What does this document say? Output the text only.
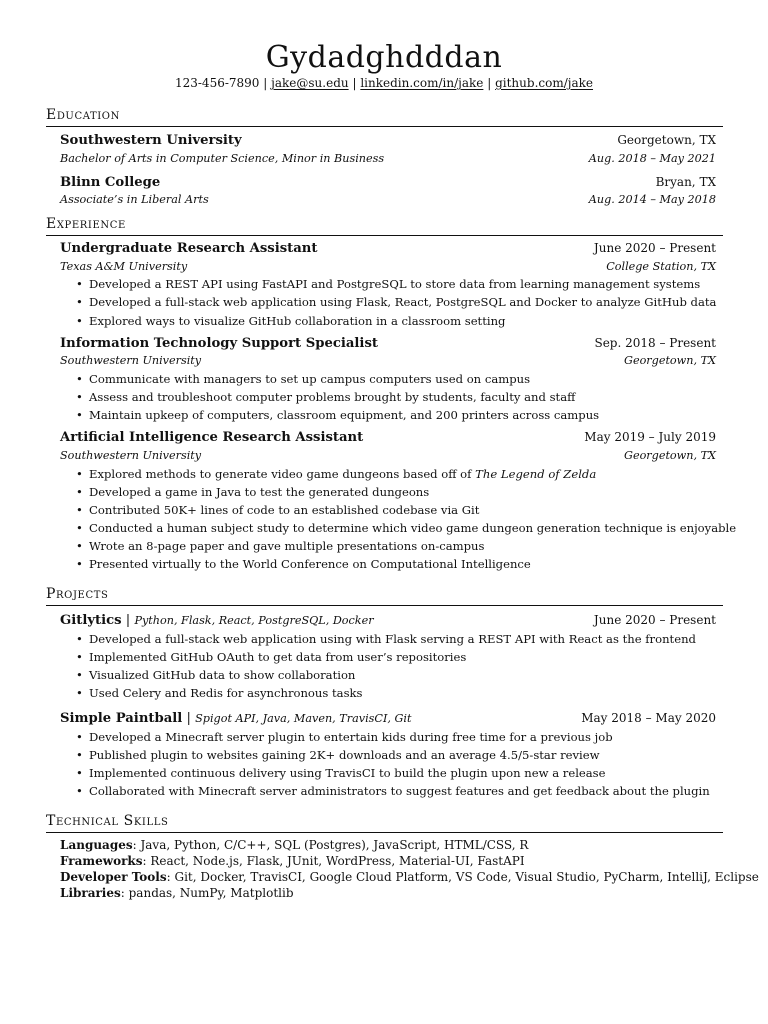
Gydadghdddan
123-456-7890 | jake@su.edu | linkedin.com/in/jake | github.com/jake
Education
Southwestern University	Georgetown, TX
Bachelor of Arts in Computer Science, Minor in Business	Aug. 2018 – May 2021
Blinn College	Bryan, TX
Associate’s in Liberal Arts	Aug. 2014 – May 2018
Experience
Undergraduate Research Assistant	June 2020 – Present
Texas A&M University	College Station, TX
• Developed a REST API using FastAPI and PostgreSQL to store data from learning management systems
• Developed a full-stack web application using Flask, React, PostgreSQL and Docker to analyze GitHub data
• Explored ways to visualize GitHub collaboration in a classroom setting
Information Technology Support Specialist	Sep. 2018 – Present
Southwestern University	Georgetown, TX
• Communicate with managers to set up campus computers used on campus
• Assess and troubleshoot computer problems brought by students, faculty and staff
• Maintain upkeep of computers, classroom equipment, and 200 printers across campus
Artificial Intelligence Research Assistant	May 2019 – July 2019
Southwestern University	Georgetown, TX
• Explored methods to generate video game dungeons based off of The Legend of Zelda
• Developed a game in Java to test the generated dungeons
• Contributed 50K+ lines of code to an established codebase via Git
• Conducted a human subject study to determine which video game dungeon generation technique is enjoyable
• Wrote an 8-page paper and gave multiple presentations on-campus
• Presented virtually to the World Conference on Computational Intelligence
Projects
Gitlytics | Python, Flask, React, PostgreSQL, Docker	June 2020 – Present
• Developed a full-stack web application using with Flask serving a REST API with React as the frontend
• Implemented GitHub OAuth to get data from user’s repositories
• Visualized GitHub data to show collaboration
• Used Celery and Redis for asynchronous tasks
Simple Paintball | Spigot API, Java, Maven, TravisCI, Git	May 2018 – May 2020
• Developed a Minecraft server plugin to entertain kids during free time for a previous job
• Published plugin to websites gaining 2K+ downloads and an average 4.5/5-star review
• Implemented continuous delivery using TravisCI to build the plugin upon new a release
• Collaborated with Minecraft server administrators to suggest features and get feedback about the plugin
Technical Skills
Languages: Java, Python, C/C++, SQL (Postgres), JavaScript, HTML/CSS, R
Frameworks: React, Node.js, Flask, JUnit, WordPress, Material-UI, FastAPI
Developer Tools: Git, Docker, TravisCI, Google Cloud Platform, VS Code, Visual Studio, PyCharm, IntelliJ, Eclipse
Libraries: pandas, NumPy, Matplotlib
